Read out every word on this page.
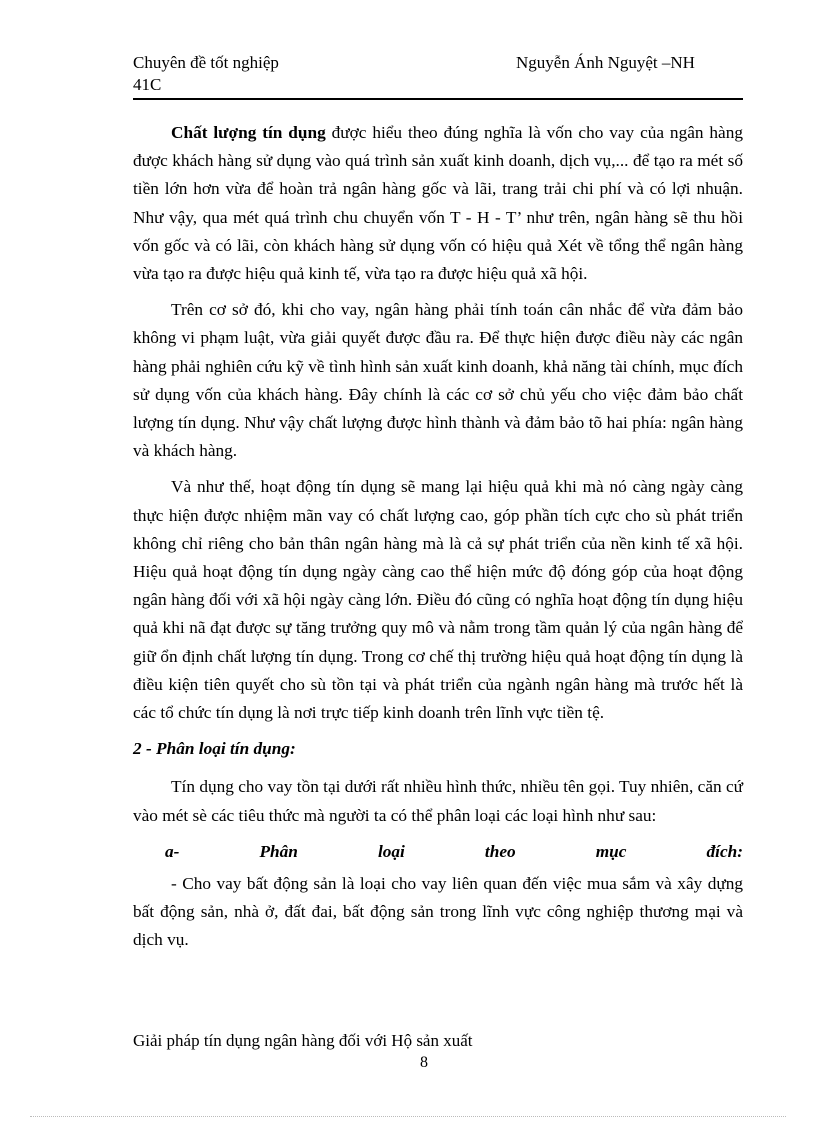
Chuyên đề tốt nghiệp
41C
Nguyễn Ánh Nguyệt –NH

Chất lượng tín dụng được hiểu theo đúng nghĩa là vốn cho vay của ngân hàng được khách hàng sử dụng vào quá trình sản xuất kinh doanh, dịch vụ,... để tạo ra mét số tiền lớn hơn vừa để hoàn trả ngân hàng gốc và lãi, trang trải chi phí và có lợi nhuận. Như vậy, qua mét quá trình chu chuyển vốn T - H - T’ như trên, ngân hàng sẽ thu hồi vốn gốc và có lãi, còn khách hàng sử dụng vốn có hiệu quả Xét về tổng thể ngân hàng vừa tạo ra được hiệu quả kinh tế, vừa tạo ra được hiệu quả xã hội.

Trên cơ sở đó, khi cho vay, ngân hàng phải tính toán cân nhắc để vừa đảm bảo không vi phạm luật, vừa giải quyết được đầu ra. Để thực hiện được điều này các ngân hàng phải nghiên cứu kỹ về tình hình sản xuất kinh doanh, khả năng tài chính, mục đích sử dụng vốn của khách hàng. Đây chính là các cơ sở chủ yếu cho việc đảm bảo chất lượng tín dụng. Như vậy chất lượng được hình thành và đảm bảo tõ hai phía: ngân hàng và khách hàng.

Và như thế, hoạt động tín dụng sẽ mang lại hiệu quả khi mà nó càng ngày càng thực hiện được nhiệm mãn vay có chất lượng cao, góp phần tích cực cho sù phát triển không chỉ riêng cho bản thân ngân hàng mà là cả sự phát triển của nền kinh tế xã hội. Hiệu quả hoạt động tín dụng ngày càng cao thể hiện mức độ đóng góp của hoạt động ngân hàng đối với xã hội ngày càng lớn. Điều đó cũng có nghĩa hoạt động tín dụng hiệu quả khi nã đạt được sự tăng trưởng quy mô và nằm trong tầm quản lý của ngân hàng để giữ ổn định chất lượng tín dụng. Trong cơ chế thị trường hiệu quả hoạt động tín dụng là điều kiện tiên quyết cho sù tồn tại và phát triển của ngành ngân hàng mà trước hết là các tổ chức tín dụng là nơi trực tiếp kinh doanh trên lĩnh vực tiền tệ.

2 - Phân loại tín dụng:

Tín dụng cho vay tồn tại dưới rất nhiều hình thức, nhiều tên gọi. Tuy nhiên, căn cứ vào mét sè các tiêu thức mà người ta có thể phân loại các loại hình như sau:

a-	Phân	loại	theo	mục	đích:

- Cho vay bất động sản là loại cho vay liên quan đến việc mua sắm và xây dựng bất động sản, nhà ở, đất đai, bất động sản trong lĩnh vực công nghiệp thương mại và dịch vụ.

Giải pháp tín dụng ngân hàng đối với Hộ sản xuất
8
